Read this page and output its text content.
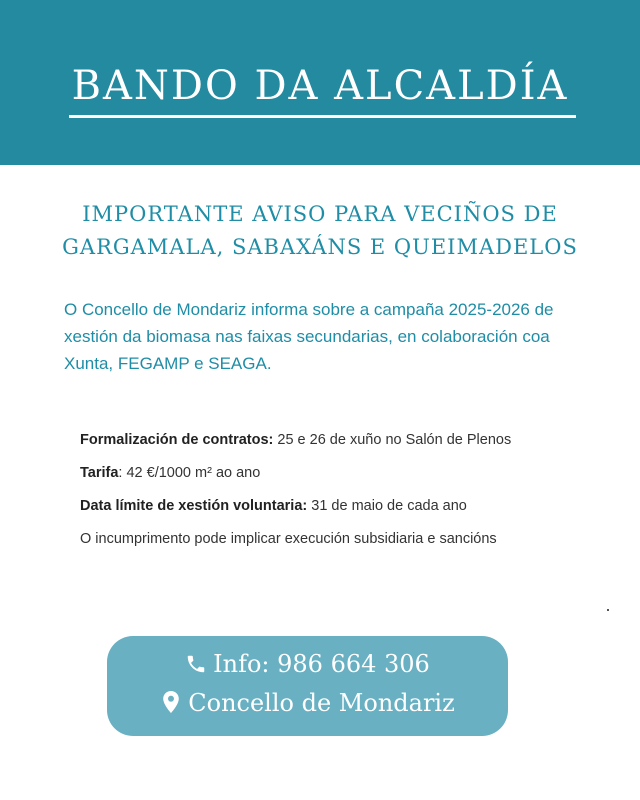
BANDO DA ALCALDÍA
IMPORTANTE AVISO PARA VECIÑOS DE
GARGAMALA, SABAXÁNS E QUEIMADELOS
O Concello de Mondariz informa sobre a campaña 2025-2026 de xestión da biomasa nas faixas secundarias, en colaboración coa Xunta, FEGAMP e SEAGA.
Formalización de contratos: 25 e 26 de xuño no Salón de Plenos
Tarifa: 42 €/1000 m² ao ano
Data límite de xestión voluntaria: 31 de maio de cada ano
O incumprimento pode implicar execución subsidiaria e sancións
Info: 986 664 306
Concello de Mondariz
